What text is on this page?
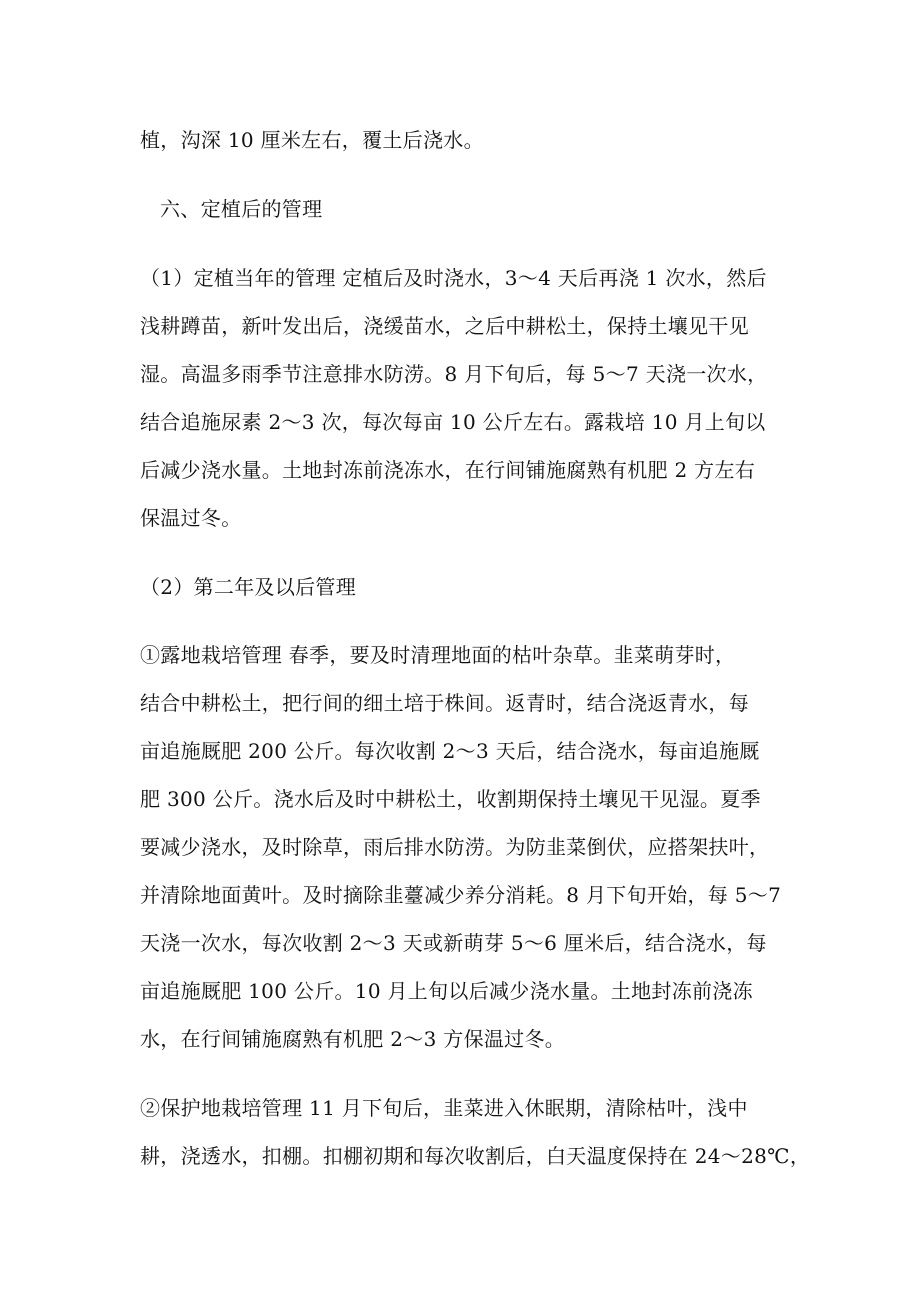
植，沟深 10 厘米左右，覆土后浇水。
六、定植后的管理
（1）定植当年的管理 定植后及时浇水，3～4 天后再浇 1 次水，然后
浅耕蹲苗，新叶发出后，浇缓苗水，之后中耕松土，保持土壤见干见
湿。高温多雨季节注意排水防涝。8 月下旬后，每 5～7 天浇一次水，
结合追施尿素 2～3 次，每次每亩 10 公斤左右。露栽培 10 月上旬以
后减少浇水量。土地封冻前浇冻水，在行间铺施腐熟有机肥 2 方左右
保温过冬。
（2）第二年及以后管理
①露地栽培管理 春季，要及时清理地面的枯叶杂草。韭菜萌芽时，
结合中耕松土，把行间的细土培于株间。返青时，结合浇返青水，每
亩追施厩肥 200 公斤。每次收割 2～3 天后，结合浇水，每亩追施厩
肥 300 公斤。浇水后及时中耕松土，收割期保持土壤见干见湿。夏季
要减少浇水，及时除草，雨后排水防涝。为防韭菜倒伏，应搭架扶叶，
并清除地面黄叶。及时摘除韭薹减少养分消耗。8 月下旬开始，每 5～7
天浇一次水，每次收割 2～3 天或新萌芽 5～6 厘米后，结合浇水，每
亩追施厩肥 100 公斤。10 月上旬以后减少浇水量。土地封冻前浇冻
水，在行间铺施腐熟有机肥 2～3 方保温过冬。
②保护地栽培管理 11 月下旬后，韭菜进入休眠期，清除枯叶，浅中
耕，浇透水，扣棚。扣棚初期和每次收割后，白天温度保持在 24～28℃，
